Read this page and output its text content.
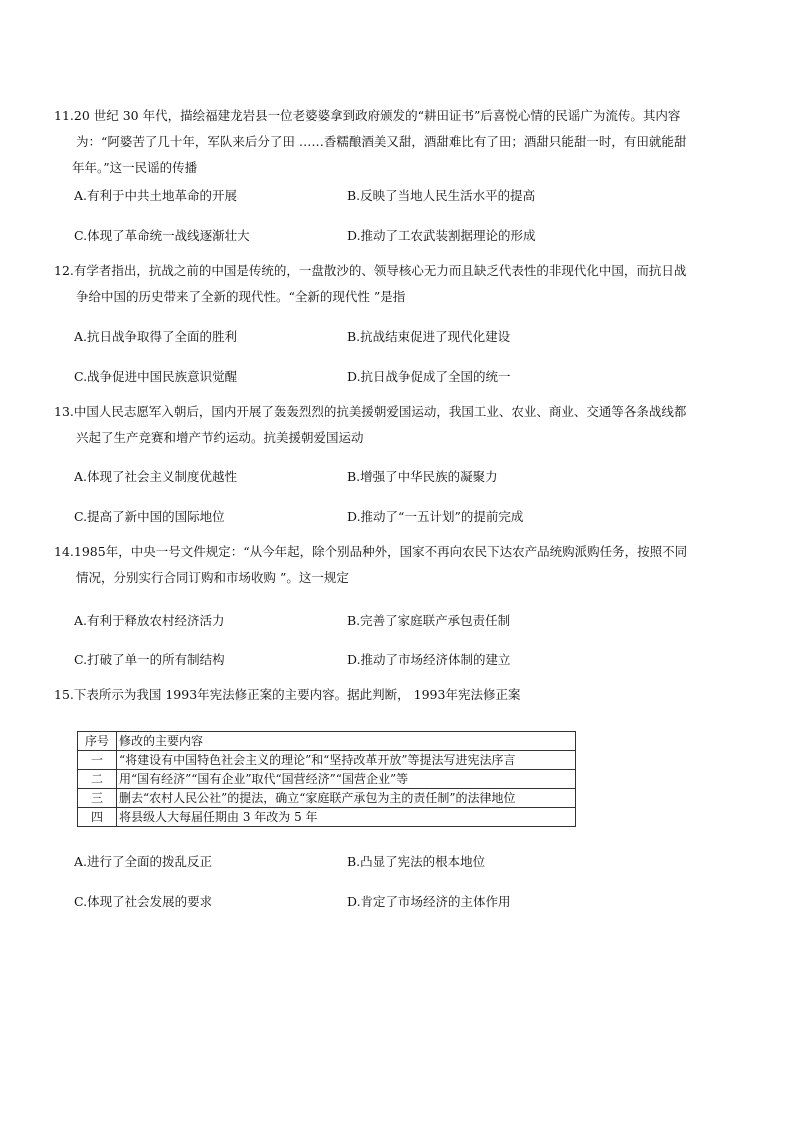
11.20 世纪 30 年代，描绘福建龙岩县一位老婆婆拿到政府颁发的“耕田证书”后喜悦心情的民谣广为流传。其内容
为：“阿婆苦了几十年，军队来后分了田 ……香糯酿酒美又甜，酒甜难比有了田；酒甜只能甜一时，有田就能甜
年年。”这一民谣的传播
A.有利于中共土地革命的开展	B.反映了当地人民生活水平的提高
C.体现了革命统一战线逐渐壮大	D.推动了工农武装割据理论的形成
12.有学者指出，抗战之前的中国是传统的，一盘散沙的、领导核心无力而且缺乏代表性的非现代化中国，而抗日战
争给中国的历史带来了全新的现代性。“全新的现代性 ”是指
A.抗日战争取得了全面的胜利	B.抗战结束促进了现代化建设
C.战争促进中国民族意识觉醒	D.抗日战争促成了全国的统一
13.中国人民志愿军入朝后，国内开展了轰轰烈烈的抗美援朝爱国运动，我国工业、农业、商业、交通等各条战线都
兴起了生产竞赛和增产节约运动。抗美援朝爱国运动
A.体现了社会主义制度优越性	B.增强了中华民族的凝聚力
C.提高了新中国的国际地位	D.推动了“一五计划”的提前完成
14.1985年，中央一号文件规定：“从今年起，除个别品种外，国家不再向农民下达农产品统购派购任务，按照不同
情况，分别实行合同订购和市场收购 ”。这一规定
A.有利于释放农村经济活力	B.完善了家庭联产承包责任制
C.打破了单一的所有制结构	D.推动了市场经济体制的建立
15.下表所示为我国 1993年宪法修正案的主要内容。据此判断， 1993年宪法修正案
序号	修改的主要内容
一	“将建设有中国特色社会主义的理论”和“坚持改革开放”等提法写进宪法序言
二	用“国有经济”“国有企业”取代“国营经济”“国营企业”等
三	删去“农村人民公社”的提法，确立“家庭联产承包为主的责任制”的法律地位
四	将县级人大每届任期由 3 年改为 5 年
A.进行了全面的拨乱反正	B.凸显了宪法的根本地位
C.体现了社会发展的要求	D.肯定了市场经济的主体作用
